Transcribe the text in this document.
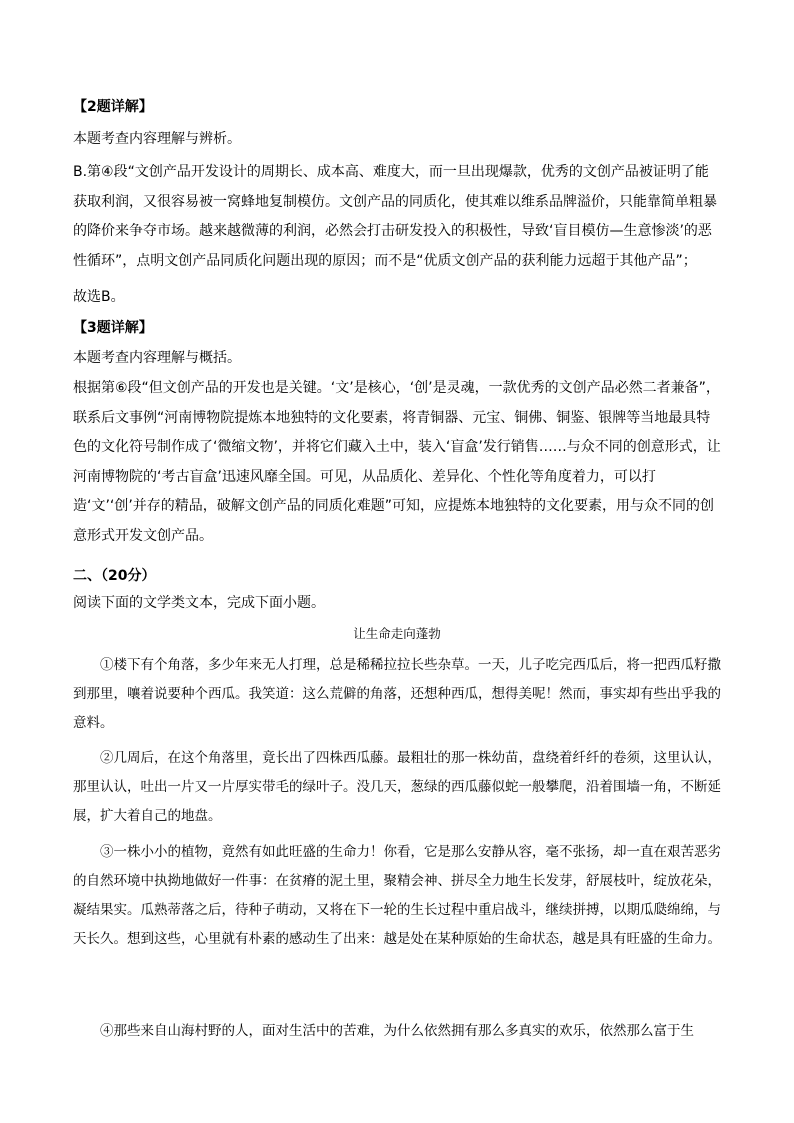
【2题详解】
本题考查内容理解与辨析。

B.第④段“文创产品开发设计的周期长、成本高、难度大，而一旦出现爆款，优秀的文创产品被证明了能获取利润，又很容易被一窝蜂地复制模仿。文创产品的同质化，使其难以维系品牌溢价，只能靠简单粗暴的降价来争夺市场。越来越微薄的利润，必然会打击研发投入的积极性，导致‘盲目模仿—生意惨淡’的恶性循环”，点明文创产品同质化问题出现的原因；而不是“优质文创产品的获利能力远超于其他产品”；

故选B。
【3题详解】
本题考查内容理解与概括。

根据第⑥段“但文创产品的开发也是关键。‘文’是核心，‘创’是灵魂，一款优秀的文创产品必然二者兼备”，联系后文事例“河南博物院提炼本地独特的文化要素，将青铜器、元宝、铜佛、铜鉴、银牌等当地最具特色的文化符号制作成了‘微缩文物’，并将它们藏入土中，装入‘盲盒’发行销售……与众不同的创意形式，让河南博物院的‘考古盲盒’迅速风靡全国。可见，从品质化、差异化、个性化等角度着力，可以打造‘文’‘创’并存的精品，破解文创产品的同质化难题”可知，应提炼本地独特的文化要素，用与众不同的创意形式开发文创产品。

二、（20分）
阅读下面的文学类文本，完成下面小题。
让生命走向蓬勃

①楼下有个角落，多少年来无人打理，总是稀稀拉拉长些杂草。一天，儿子吃完西瓜后，将一把西瓜籽撒到那里，嚷着说要种个西瓜。我笑道：这么荒僻的角落，还想种西瓜，想得美呢！然而，事实却有些出乎我的意料。

②几周后，在这个角落里，竟长出了四株西瓜藤。最粗壮的那一株幼苗，盘绕着纤纤的卷须，这里认认，那里认认，吐出一片又一片厚实带毛的绿叶子。没几天，葱绿的西瓜藤似蛇一般攀爬，沿着围墙一角，不断延展，扩大着自己的地盘。

③一株小小的植物，竟然有如此旺盛的生命力！你看，它是那么安静从容，毫不张扬，却一直在艰苦恶劣的自然环境中执拗地做好一件事：在贫瘠的泥土里，聚精会神、拼尽全力地生长发芽，舒展枝叶，绽放花朵，凝结果实。瓜熟蒂落之后，待种子萌动，又将在下一轮的生长过程中重启战斗，继续拼搏，以期瓜瓞绵绵，与天长久。想到这些，心里就有朴素的感动生了出来：越是处在某种原始的生命状态，越是具有旺盛的生命力。

④那些来自山海村野的人，面对生活中的苦难，为什么依然拥有那么多真实的欢乐，依然那么富于生
